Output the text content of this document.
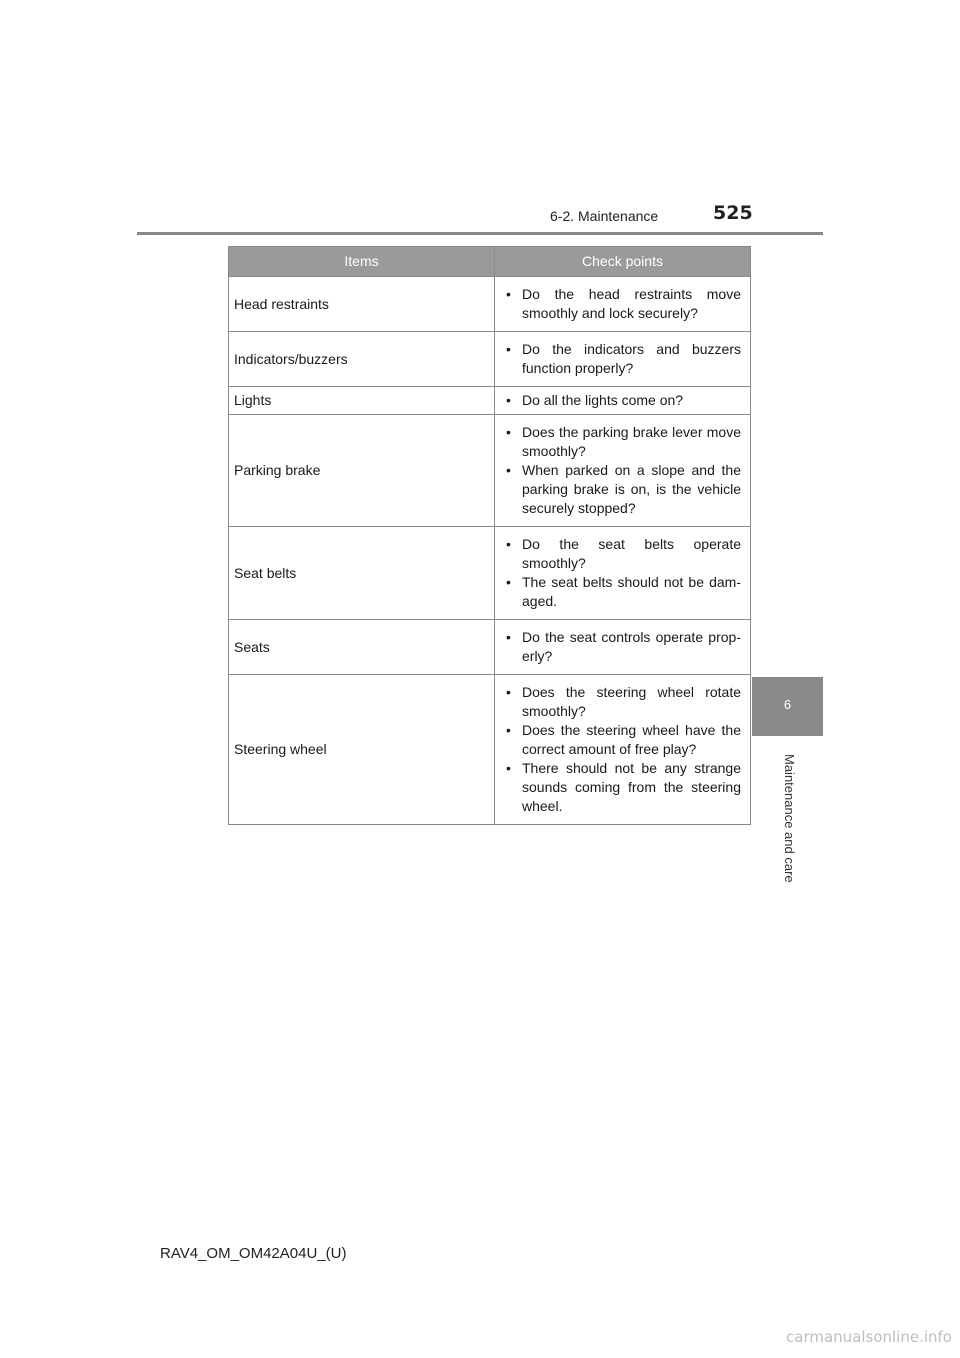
6-2. Maintenance	525
6
Maintenance and care
Items	Check points
Head restraints	• Do the head restraints move smoothly and lock securely?

Indicators/buzzers	• Do the indicators and buzzers function properly?

Lights	• Do all the lights come on?

Parking brake	• Does the parking brake lever move smoothly?
• When parked on a slope and the parking brake is on, is the vehicle securely stopped?

Seat belts	• Do the seat belts operate smoothly?
• The seat belts should not be dam-aged.

Seats	• Do the seat controls operate prop-erly?

Steering wheel	• Does the steering wheel rotate smoothly?
• Does the steering wheel have the correct amount of free play?
• There should not be any strange sounds coming from the steering wheel.
RAV4_OM_OM42A04U_(U)
carmanualsonline.info
